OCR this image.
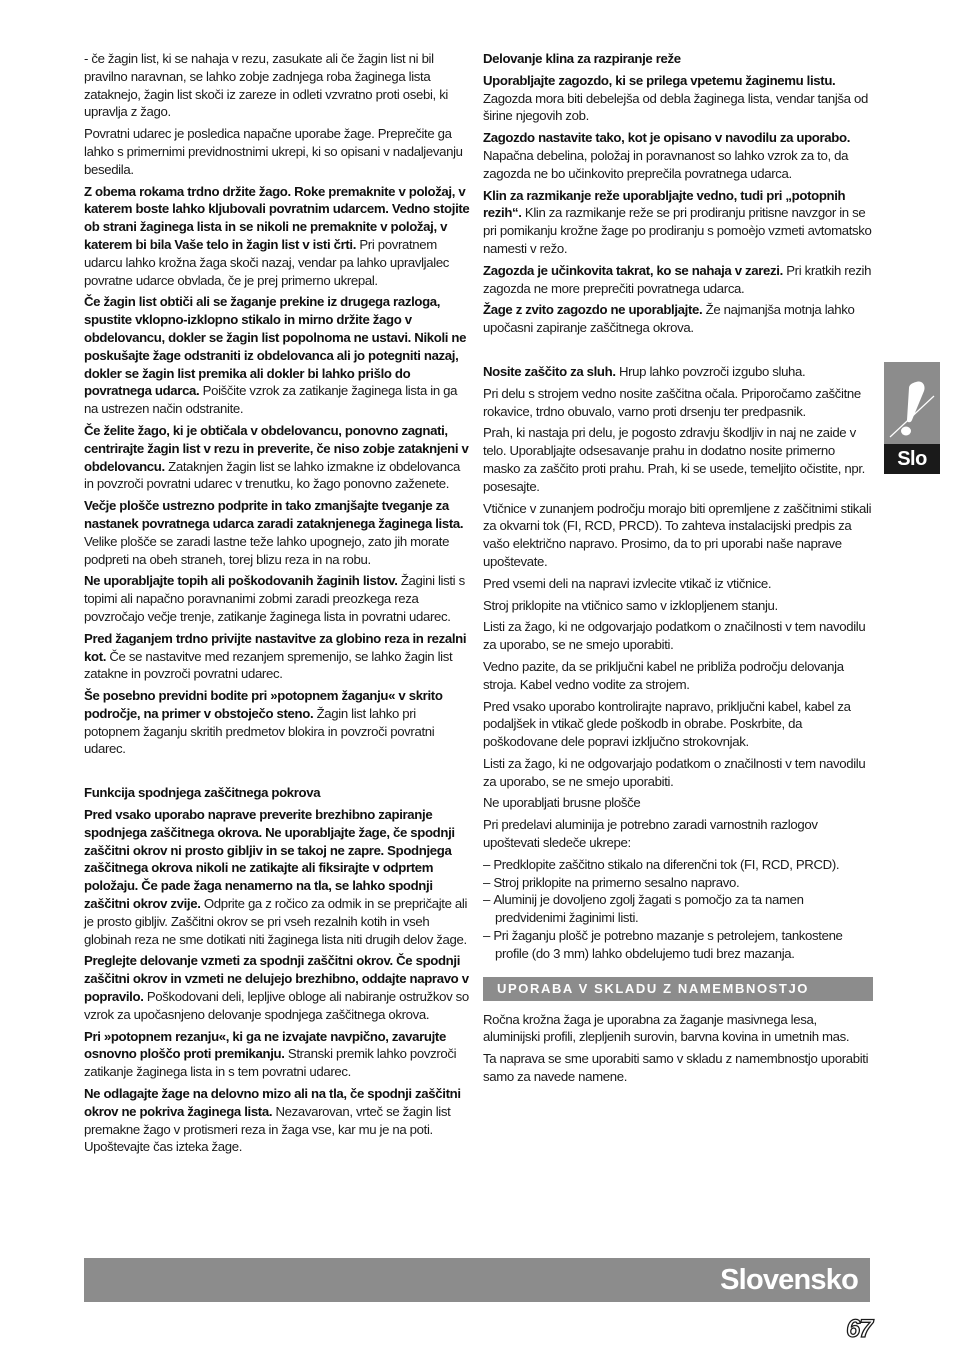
- če žagin list, ki se nahaja v rezu, zasukate ali če žagin list ni bil pravilno naravnan, se lahko zobje zadnjega roba žaginega lista zataknejo, žagin list skoči iz zareze in odleti vzvratno proti osebi, ki upravlja z žago.

Povratni udarec je posledica napačne uporabe žage. Preprečite ga lahko s primernimi previdnostnimi ukrepi, ki so opisani v nadaljevanju besedila.

Z obema rokama trdno držite žago. Roke premaknite v položaj, v katerem boste lahko kljubovali povratnim udarcem. Vedno stojite ob strani žaginega lista in se nikoli ne premaknite v položaj, v katerem bi bila Vaše telo in žagin list v isti črti. Pri povratnem udarcu lahko krožna žaga skoči nazaj, vendar pa lahko upravljalec povratne udarce obvlada, če je prej primerno ukrepal.

Če žagin list obtiči ali se žaganje prekine iz drugega razloga, spustite vklopno-izklopno stikalo in mirno držite žago v obdelovancu, dokler se žagin list popolnoma ne ustavi. Nikoli ne poskušajte žage odstraniti iz obdelovanca ali jo potegniti nazaj, dokler se žagin list premika ali dokler bi lahko prišlo do povratnega udarca. Poiščite vzrok za zatikanje žaginega lista in ga na ustrezen način odstranite.

Če želite žago, ki je obtičala v obdelovancu, ponovno zagnati, centrirajte žagin list v rezu in preverite, če niso zobje zataknjeni v obdelovancu. Zataknjen žagin list se lahko izmakne iz obdelovanca in povzroči povratni udarec v trenutku, ko žago ponovno zaženete.

Večje plošče ustrezno podprite in tako zmanjšajte tveganje za nastanek povratnega udarca zaradi zataknjenega žaginega lista. Velike plošče se zaradi lastne teže lahko upognejo, zato jih morate podpreti na obeh straneh, torej blizu reza in na robu.

Ne uporabljajte topih ali poškodovanih žaginih listov. Žagini listi s topimi ali napačno poravnanimi zobmi zaradi preozkega reza povzročajo večje trenje, zatikanje žaginega lista in povratni udarec.

Pred žaganjem trdno privijte nastavitve za globino reza in rezalni kot. Če se nastavitve med rezanjem spremenijo, se lahko žagin list zatakne in povzroči povratni udarec.

Še posebno previdni bodite pri »potopnem žaganju« v skrito področje, na primer v obstoječo steno. Žagin list lahko pri potopnem žaganju skritih predmetov blokira in povzroči povratni udarec.

Funkcija spodnjega zaščitnega pokrova

Pred vsako uporabo naprave preverite brezhibno zapiranje spodnjega zaščitnega okrova. Ne uporabljajte žage, če spodnji zaščitni okrov ni prosto gibljiv in se takoj ne zapre. Spodnjega zaščitnega okrova nikoli ne zatikajte ali fiksirajte v odprtem položaju. Če pade žaga nenamerno na tla, se lahko spodnji zaščitni okrov zvije. Odprite ga z ročico za odmik in se prepričajte ali je prosto gibljiv. Zaščitni okrov se pri vseh rezalnih kotih in vseh globinah reza ne sme dotikati niti žaginega lista niti drugih delov žage.

Preglejte delovanje vzmeti za spodnji zaščitni okrov. Če spodnji zaščitni okrov in vzmeti ne delujejo brezhibno, oddajte napravo v popravilo. Poškodovani deli, lepljive obloge ali nabiranje ostružkov so vzrok za upočasnjeno delovanje spodnjega zaščitnega okrova.

Pri »potopnem rezanju«, ki ga ne izvajate navpično, zavarujte osnovno ploščo proti premikanju. Stranski premik lahko povzroči zatikanje žaginega lista in s tem povratni udarec.

Ne odlagajte žage na delovno mizo ali na tla, če spodnji zaščitni okrov ne pokriva žaginega lista. Nezavarovan, vrteč se žagin list premakne žago v protismeri reza in žaga vse, kar mu je na poti. Upoštevajte čas izteka žage.

Delovanje klina za razpiranje reže

Uporabljajte zagozdo, ki se prilega vpetemu žaginemu listu. Zagozda mora biti debelejša od debla žaginega lista, vendar tanjša od širine njegovih zob.

Zagozdo nastavite tako, kot je opisano v navodilu za uporabo. Napačna debelina, položaj in poravnanost so lahko vzrok za to, da zagozda ne bo učinkovito preprečila povratnega udarca.

Klin za razmikanje reže uporabljajte vedno, tudi pri „potopnih rezih“. Klin za razmikanje reže se pri prodiranju pritisne navzgor in se pri pomikanju krožne žage po prodiranju s pomoèjo vzmeti avtomatsko namesti v režo.

Zagozda je učinkovita takrat, ko se nahaja v zarezi. Pri kratkih rezih zagozda ne more preprečiti povratnega udarca.

Žage z zvito zagozdo ne uporabljajte. Že najmanjša motnja lahko upočasni zapiranje zaščitnega okrova.

Nosite zaščito za sluh. Hrup lahko povzroči izgubo sluha.

Pri delu s strojem vedno nosite zaščitna očala. Priporočamo zaščitne rokavice, trdno obuvalo, varno proti drsenju ter predpasnik.

Prah, ki nastaja pri delu, je pogosto zdravju škodljiv in naj ne zaide v telo. Uporabljajte odsesavanje prahu in dodatno nosite primerno masko za zaščito proti prahu. Prah, ki se usede, temeljito očistite, npr. posesajte.

Vtičnice v zunanjem področju morajo biti opremljene z zaščitnimi stikali za okvarni tok (FI, RCD, PRCD). To zahteva instalacijski predpis za vašo električno napravo. Prosimo, da to pri uporabi naše naprave upoštevate.

Pred vsemi deli na napravi izvlecite vtikač iz vtičnice.

Stroj priklopite na vtičnico samo v izklopljenem stanju.

Listi za žago, ki ne odgovarjajo podatkom o značilnosti v tem navodilu za uporabo, se ne smejo uporabiti.

Vedno pazite, da se priključni kabel ne približa področju delovanja stroja. Kabel vedno vodite za strojem.

Pred vsako uporabo kontrolirajte napravo, priključni kabel, kabel za podaljšek in vtikač glede poškodb in obrabe. Poskrbite, da poškodovane dele popravi izključno strokovnjak.

Listi za žago, ki ne odgovarjajo podatkom o značilnosti v tem navodilu za uporabo, se ne smejo uporabiti.

Ne uporabljati brusne plošče

Pri predelavi aluminija je potrebno zaradi varnostnih razlogov upoštevati sledeče ukrepe:

– Predklopite zaščitno stikalo na diferenčni tok (FI, RCD, PRCD).
– Stroj priklopite na primerno sesalno napravo.
– Aluminij je dovoljeno zgolj žagati s pomočjo za ta namen predvidenimi žaginimi listi.
– Pri žaganju plošč je potrebno mazanje s petrolejem, tankostene profile (do 3 mm) lahko obdelujemo tudi brez mazanja.
UPORABA V SKLADU Z NAMEMBNOSTJO

Ročna krožna žaga je uporabna za žaganje masivnega lesa, aluminijski profili, zlepljenih surovin, barvna kovina in umetnih mas.

Ta naprava se sme uporabiti samo v skladu z namembnostjo uporabiti samo za navede namene.

Slo
Slovensko
67
